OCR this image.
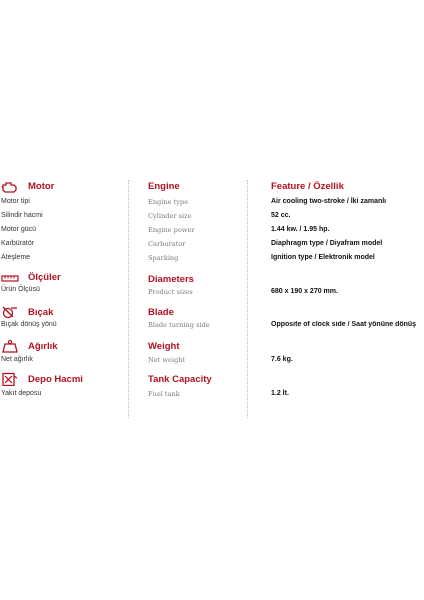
Motor
Motor tipi
Silindir hacmi
Motor gücü
Karbüratör
Ateşleme
Ölçüler
Ürün Ölçüsü
Bıçak
Bıçak dönüş yönü
Ağırlık
Net ağırlık
Depo Hacmi
Yakıt deposu
Engine
Engine type
Cylinder size
Engine power
Carburator
Sparking
Diameters
Product sizes
Blade
Blade turning side
Weight
Net weight
Tank Capacity
Fuel tank
Feature / Özellik
Air cooling two-stroke / İki zamanlı
52 cc.
1.44 kw. / 1.95 hp.
Diaphragm type / Diyafram model
Ignition type / Elektronik model
680 x 190 x 270 mm.
Opposite of clock side / Saat yönüne dönüş
7.6 kg.
1.2 lt.
